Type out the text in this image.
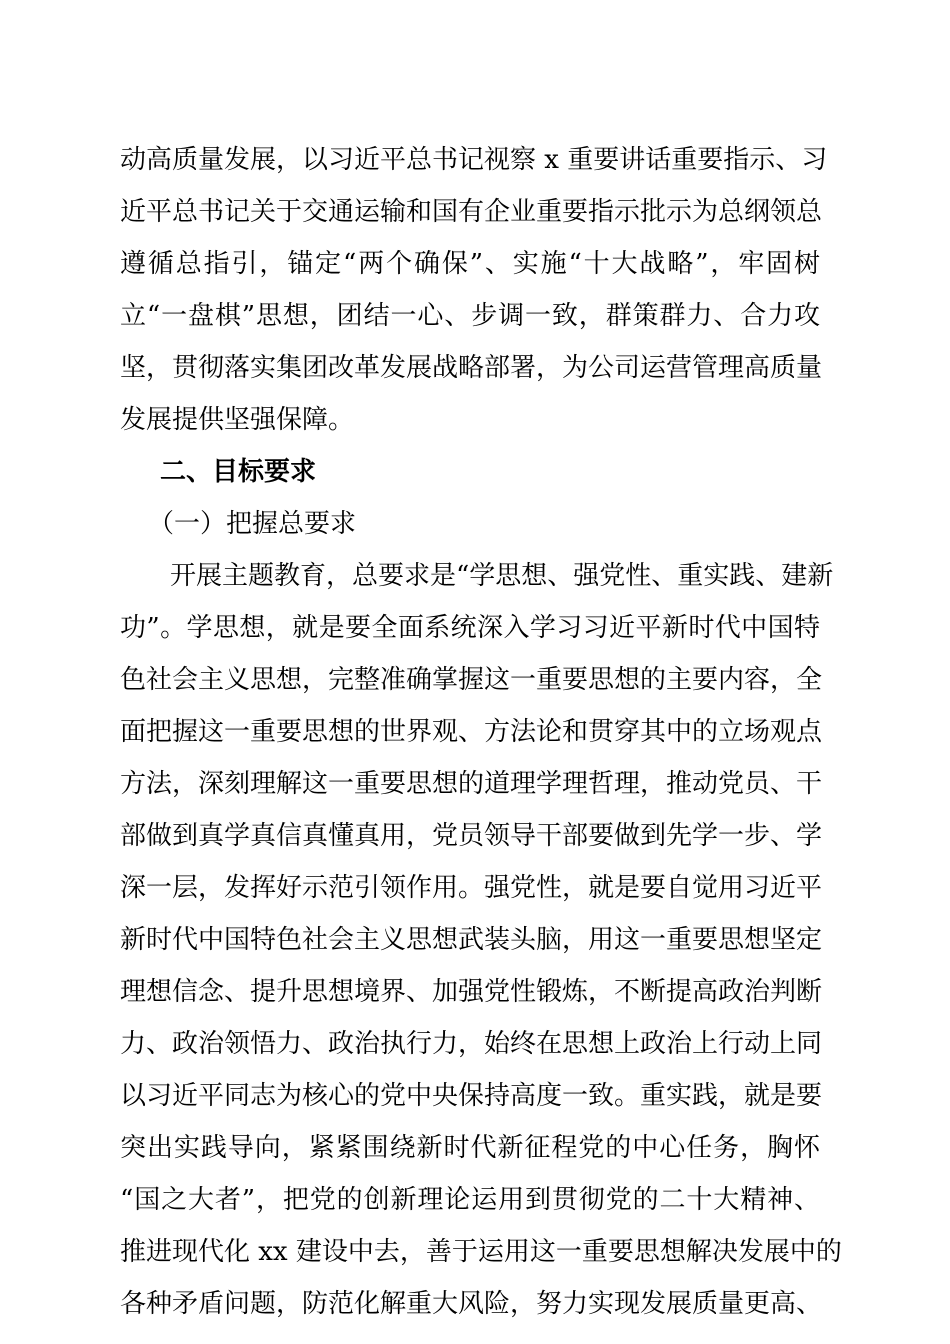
动高质量发展，以习近平总书记视察 x 重要讲话重要指示、习
近平总书记关于交通运输和国有企业重要指示批示为总纲领总
遵循总指引，锚定“两个确保”、实施“十大战略”，牢固树
立“一盘棋”思想，团结一心、步调一致，群策群力、合力攻
坚，贯彻落实集团改革发展战略部署，为公司运营管理高质量
发展提供坚强保障。
二、目标要求
（一）把握总要求
开展主题教育，总要求是“学思想、强党性、重实践、建新
功”。学思想，就是要全面系统深入学习习近平新时代中国特
色社会主义思想，完整准确掌握这一重要思想的主要内容，全
面把握这一重要思想的世界观、方法论和贯穿其中的立场观点
方法，深刻理解这一重要思想的道理学理哲理，推动党员、干
部做到真学真信真懂真用，党员领导干部要做到先学一步、学
深一层，发挥好示范引领作用。强党性，就是要自觉用习近平
新时代中国特色社会主义思想武装头脑，用这一重要思想坚定
理想信念、提升思想境界、加强党性锻炼，不断提高政治判断
力、政治领悟力、政治执行力，始终在思想上政治上行动上同
以习近平同志为核心的党中央保持高度一致。重实践，就是要
突出实践导向，紧紧围绕新时代新征程党的中心任务，胸怀
“国之大者”，把党的创新理论运用到贯彻党的二十大精神、
推进现代化 xx 建设中去，善于运用这一重要思想解决发展中的
各种矛盾问题，防范化解重大风险，努力实现发展质量更高、
